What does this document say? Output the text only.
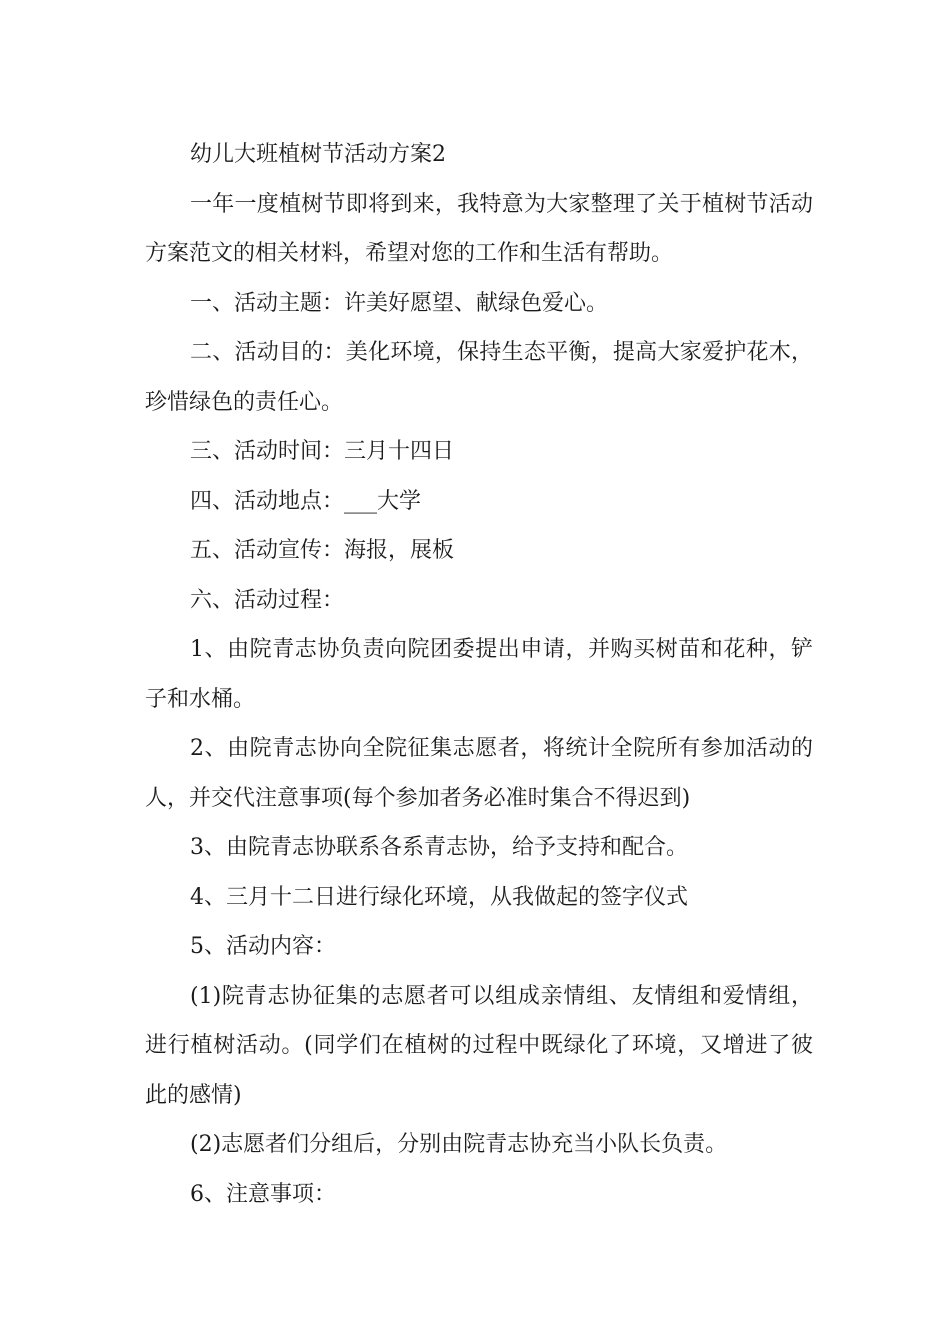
幼儿大班植树节活动方案2

一年一度植树节即将到来，我特意为大家整理了关于植树节活动方案范文的相关材料，希望对您的工作和生活有帮助。

一、活动主题：许美好愿望、献绿色爱心。

二、活动目的：美化环境，保持生态平衡，提高大家爱护花木，珍惜绿色的责任心。

三、活动时间：三月十四日

四、活动地点：___大学

五、活动宣传：海报，展板

六、活动过程：

1、由院青志协负责向院团委提出申请，并购买树苗和花种，铲子和水桶。

2、由院青志协向全院征集志愿者，将统计全院所有参加活动的人，并交代注意事项(每个参加者务必准时集合不得迟到)

3、由院青志协联系各系青志协，给予支持和配合。

4、三月十二日进行绿化环境，从我做起的签字仪式

5、活动内容：

(1)院青志协征集的志愿者可以组成亲情组、友情组和爱情组，进行植树活动。(同学们在植树的过程中既绿化了环境，又增进了彼此的感情)

(2)志愿者们分组后，分别由院青志协充当小队长负责。

6、注意事项：
